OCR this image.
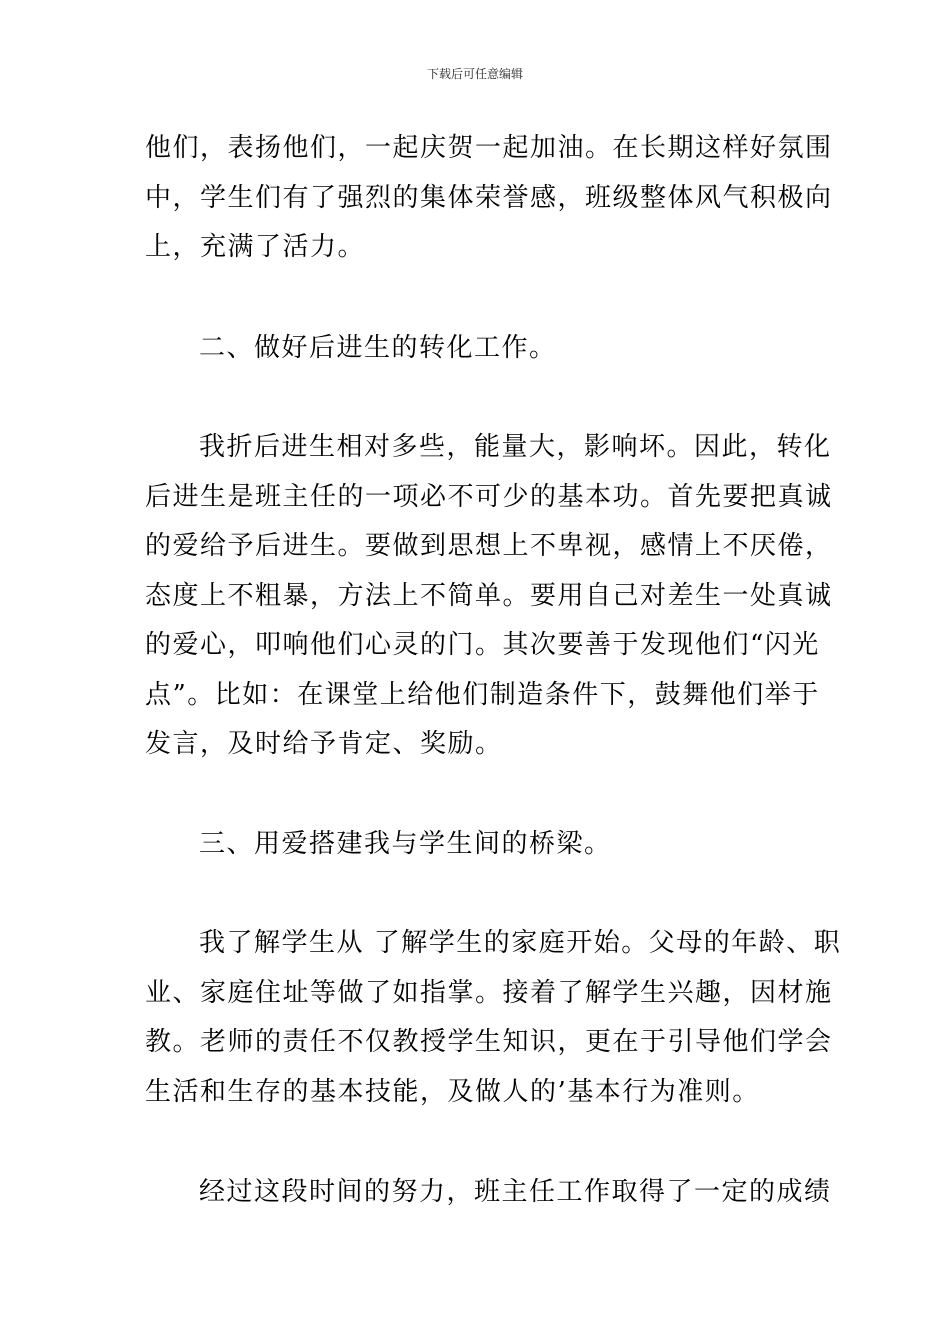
下载后可任意编辑
他们，表扬他们，一起庆贺一起加油。在长期这样好氛围
中，学生们有了强烈的集体荣誉感，班级整体风气积极向
上，充满了活力。
二、做好后进生的转化工作。
我折后进生相对多些，能量大，影响坏。因此，转化
后进生是班主任的一项必不可少的基本功。首先要把真诚
的爱给予后进生。要做到思想上不卑视，感情上不厌倦，
态度上不粗暴，方法上不简单。要用自己对差生一处真诚
的爱心，叩响他们心灵的门。其次要善于发现他们“闪光
点”。比如：在课堂上给他们制造条件下，鼓舞他们举于
发言，及时给予肯定、奖励。
三、用爱搭建我与学生间的桥梁。
我了解学生从 了解学生的家庭开始。父母的年龄、职
业、家庭住址等做了如指掌。接着了解学生兴趣，因材施
教。老师的责任不仅教授学生知识，更在于引导他们学会
生活和生存的基本技能，及做人的’基本行为准则。
经过这段时间的努力，班主任工作取得了一定的成绩
